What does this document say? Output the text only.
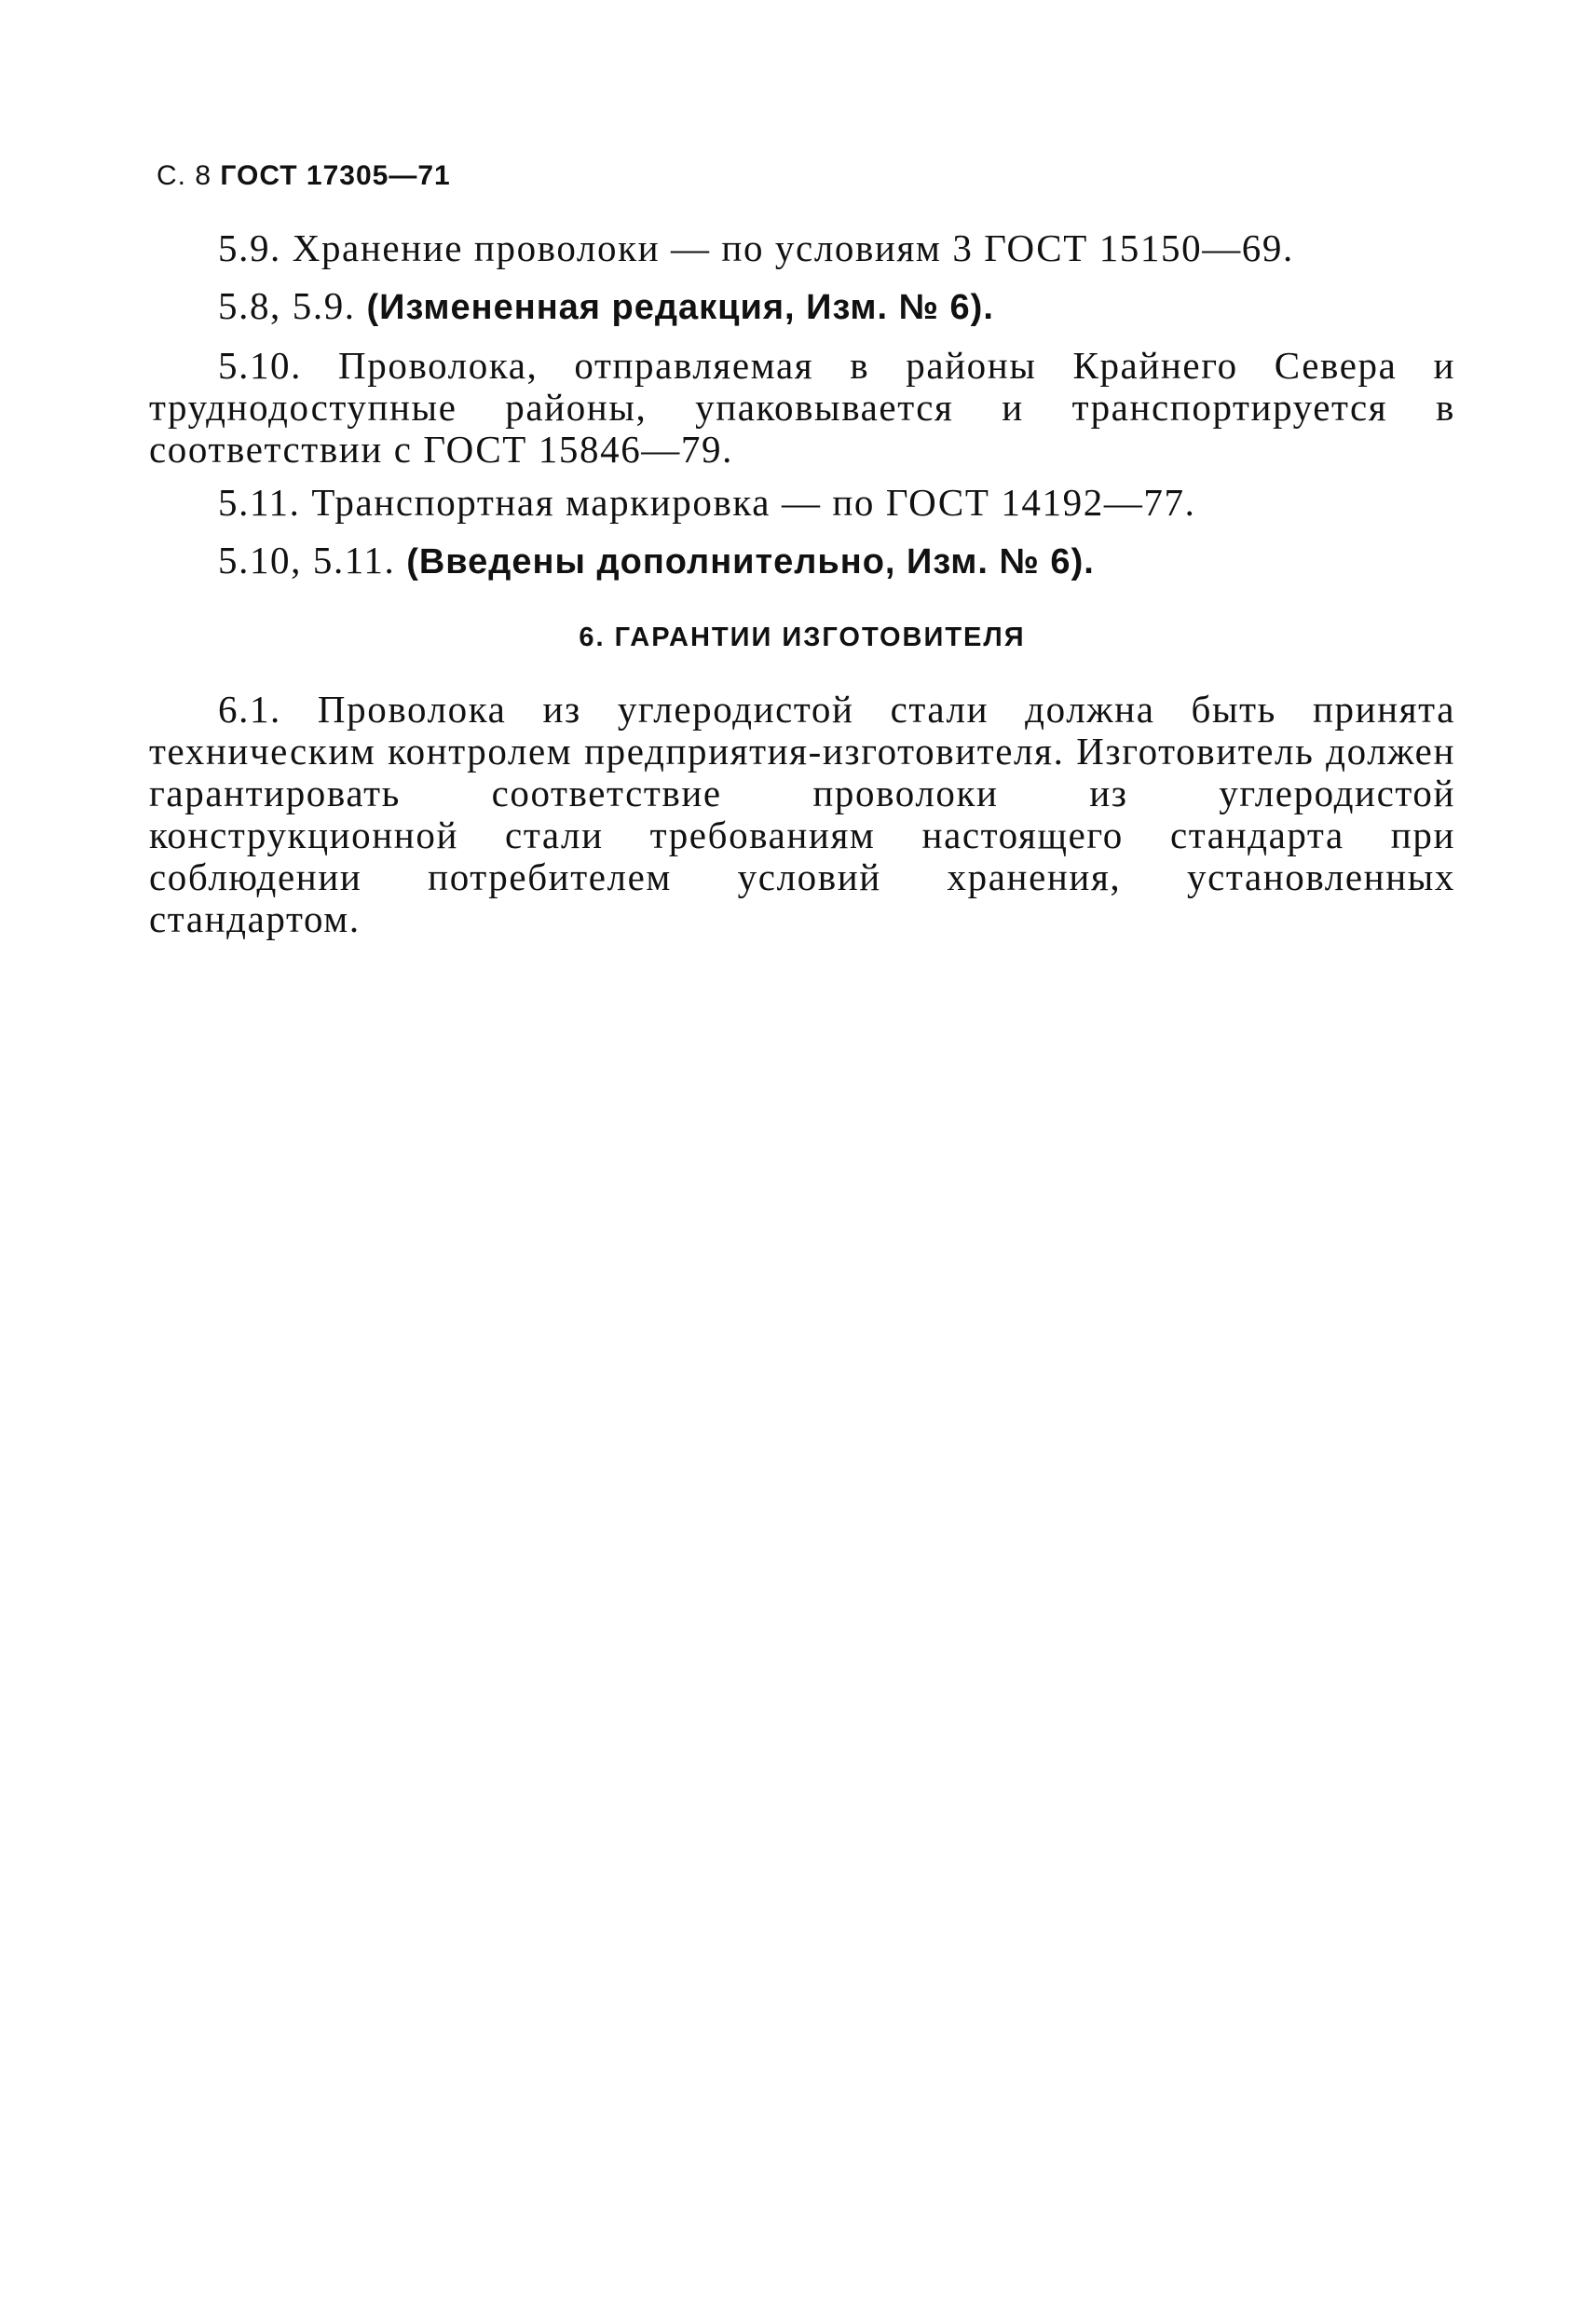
С. 8 ГОСТ 17305—71

5.9. Хранение проволоки — по условиям 3 ГОСТ 15150—69.

5.8, 5.9. (Измененная редакция, Изм. № 6).

5.10. Проволока, отправляемая в районы Крайнего Севера и труднодоступные районы, упаковывается и транспортируется в соответствии с ГОСТ 15846—79.

5.11. Транспортная маркировка — по ГОСТ 14192—77.

5.10, 5.11. (Введены дополнительно, Изм. № 6).

6. ГАРАНТИИ ИЗГОТОВИТЕЛЯ

6.1. Проволока из углеродистой стали должна быть принята техническим контролем предприятия-изготовителя. Изготовитель должен гарантировать соответствие проволоки из углеродистой конструкционной стали требованиям настоящего стандарта при соблюдении потребителем условий хранения, установленных стандартом.
